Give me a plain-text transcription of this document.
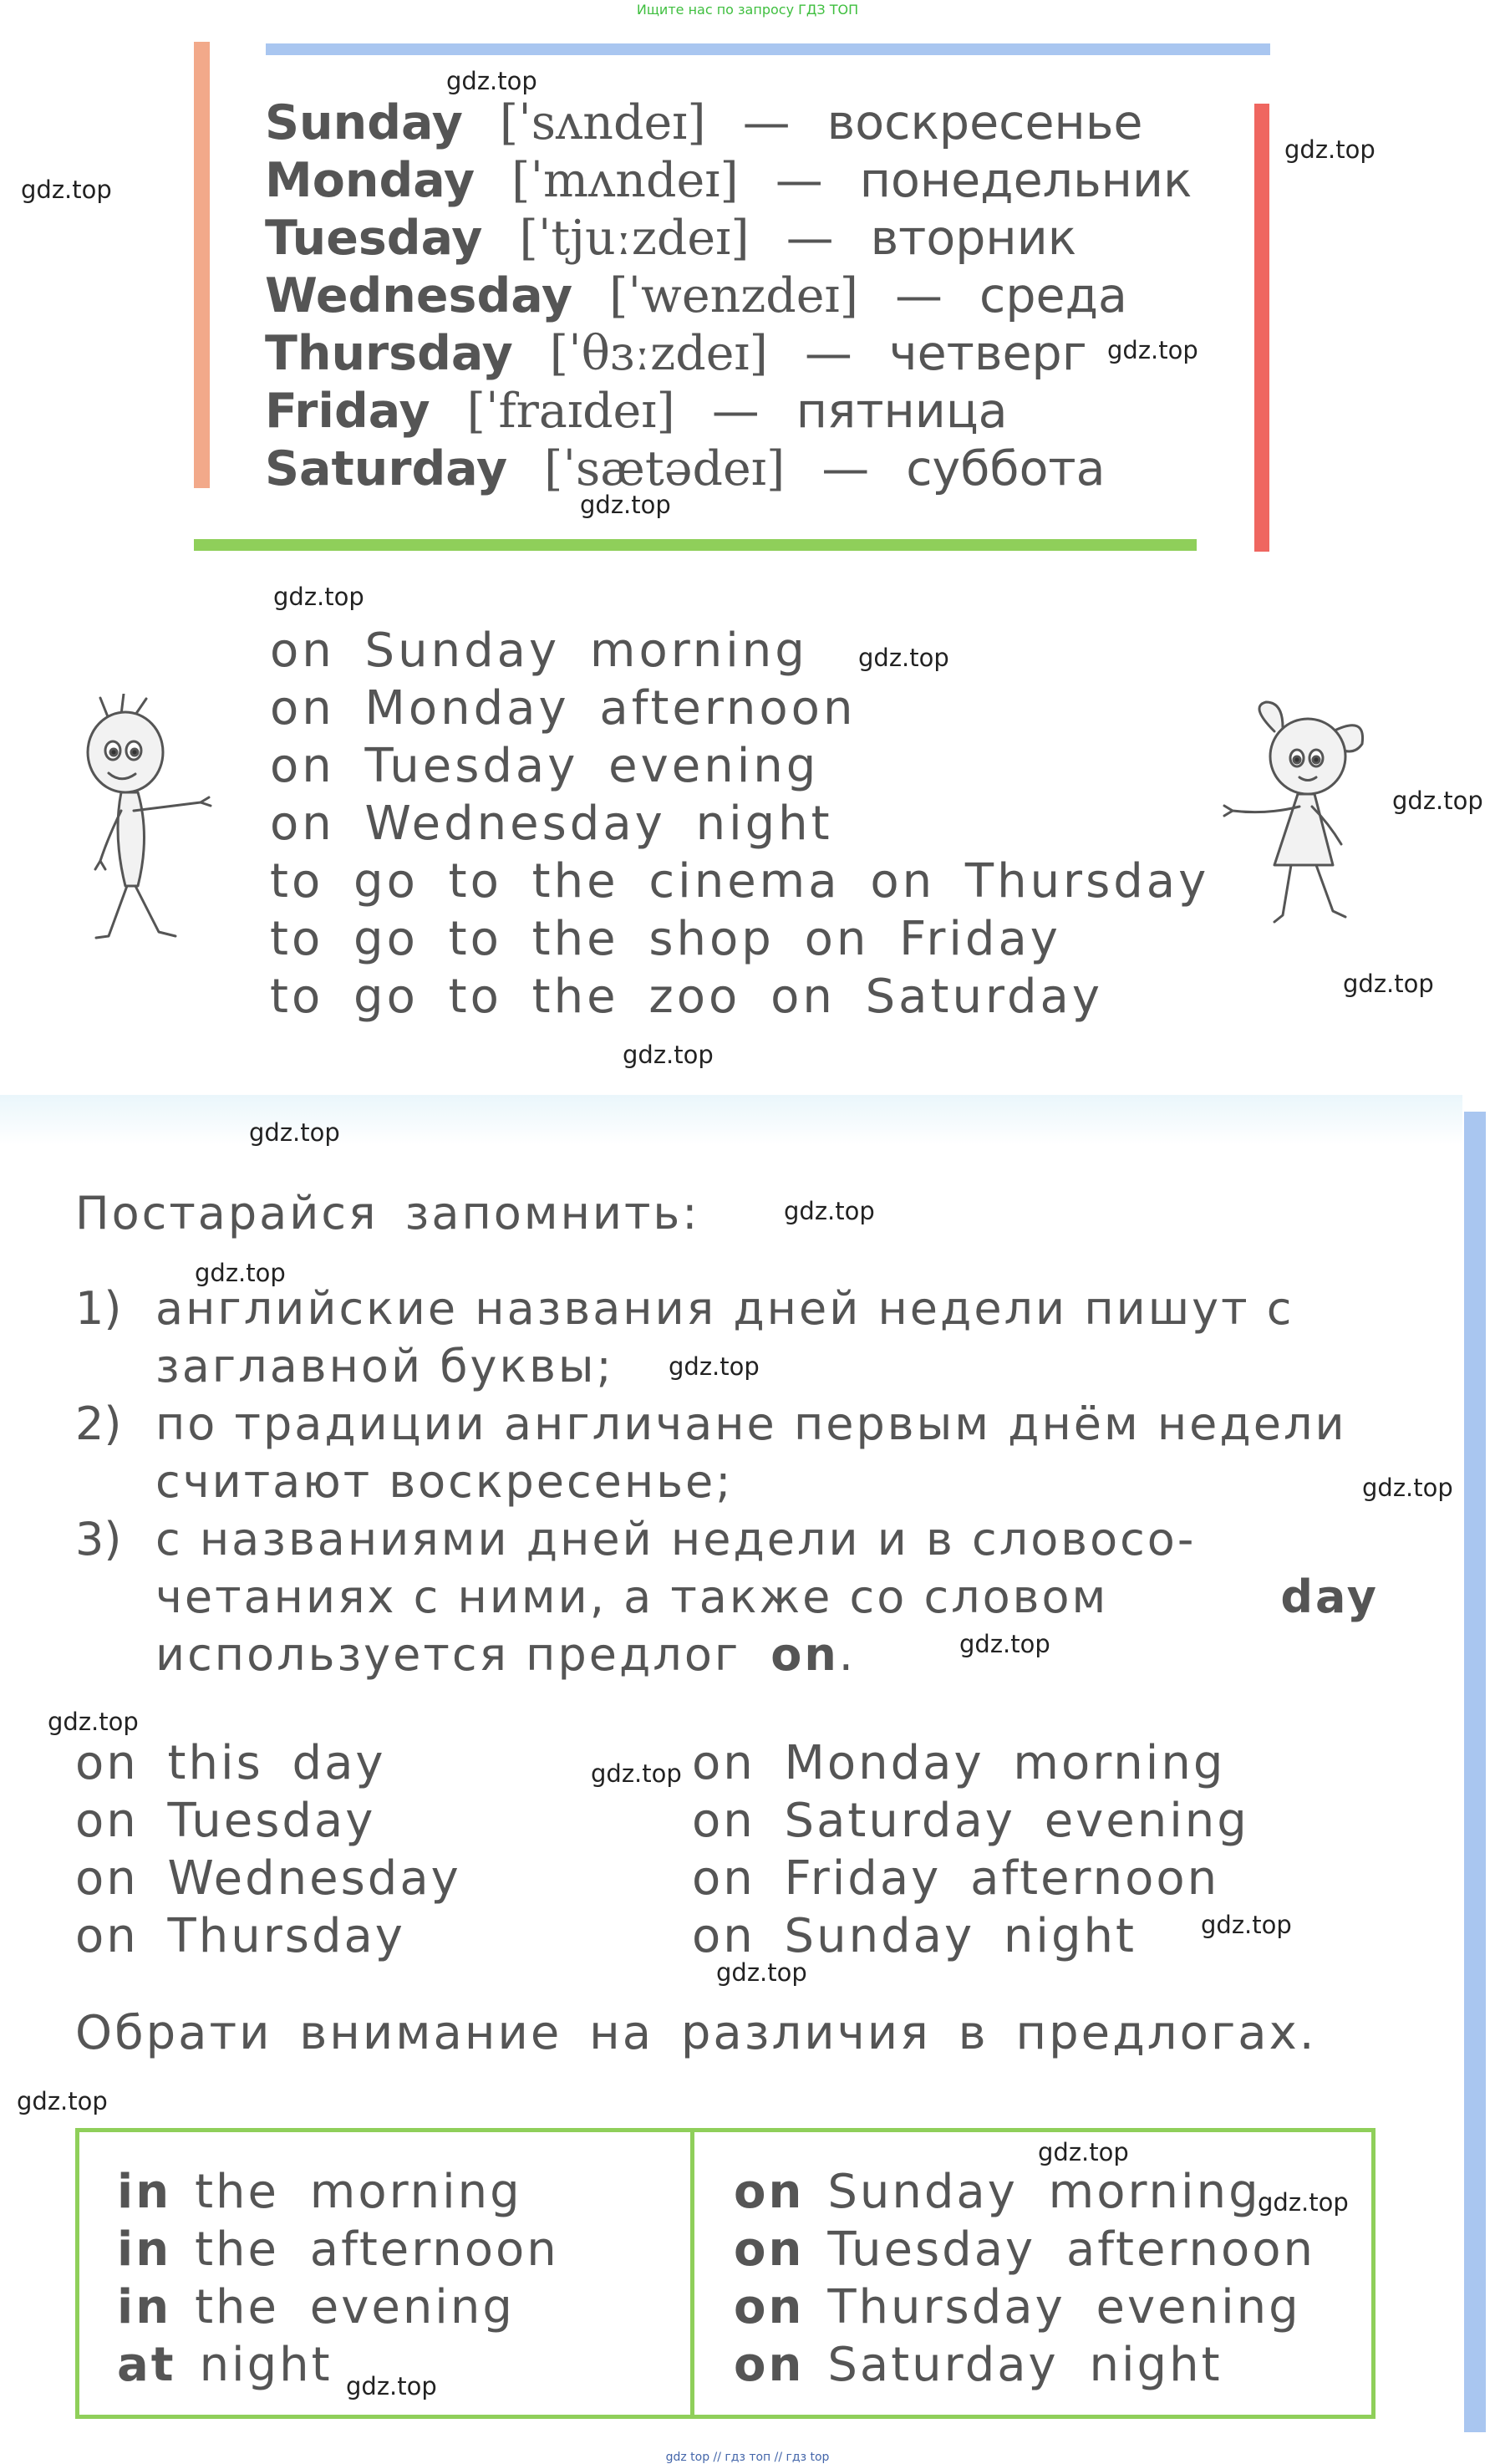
Ищите нас по запросу ГДЗ ТОП
Sunday [ˈsʌndeɪ] — воскресенье
Monday [ˈmʌndeɪ] — понедельник
Tuesday [ˈtjuːzdeɪ] — вторник
Wednesday [ˈwenzdeɪ] — среда
Thursday [ˈθɜːzdeɪ] — четверг
Friday [ˈfraɪdeɪ] — пятница
Saturday [ˈsætədeɪ] — суббота
on Sunday morning
on Monday afternoon
on Tuesday evening
on Wednesday night
to go to the cinema on Thursday
to go to the shop on Friday
to go to the zoo on Saturday
Постарайся запомнить:
1) английские названия дней недели пишут с
заглавной буквы;
2) по традиции англичане первым днём недели
считают воскресенье;
3) с названиями дней недели и в словосо-
четаниях с ними, а также со словом	day
используется предлог on .
on this day
on Tuesday
on Wednesday
on Thursday
on Monday morning
on Saturday evening
on Friday afternoon
on Sunday night
Обрати внимание на различия в предлогах.
in the morning
in the afternoon
in the evening
at night
on Sunday morning
on Tuesday afternoon
on Thursday evening
on Saturday night
gdz.top
gdz.top
gdz.top
gdz.top
gdz.top
gdz.top
gdz.top
gdz.top
gdz.top
gdz.top
gdz.top
gdz.top
gdz.top
gdz.top
gdz.top
gdz.top
gdz.top
gdz.top
gdz.top
gdz.top
gdz.top
gdz.top
gdz.top
gdz.top
gdz top // гдз топ // гдз top
